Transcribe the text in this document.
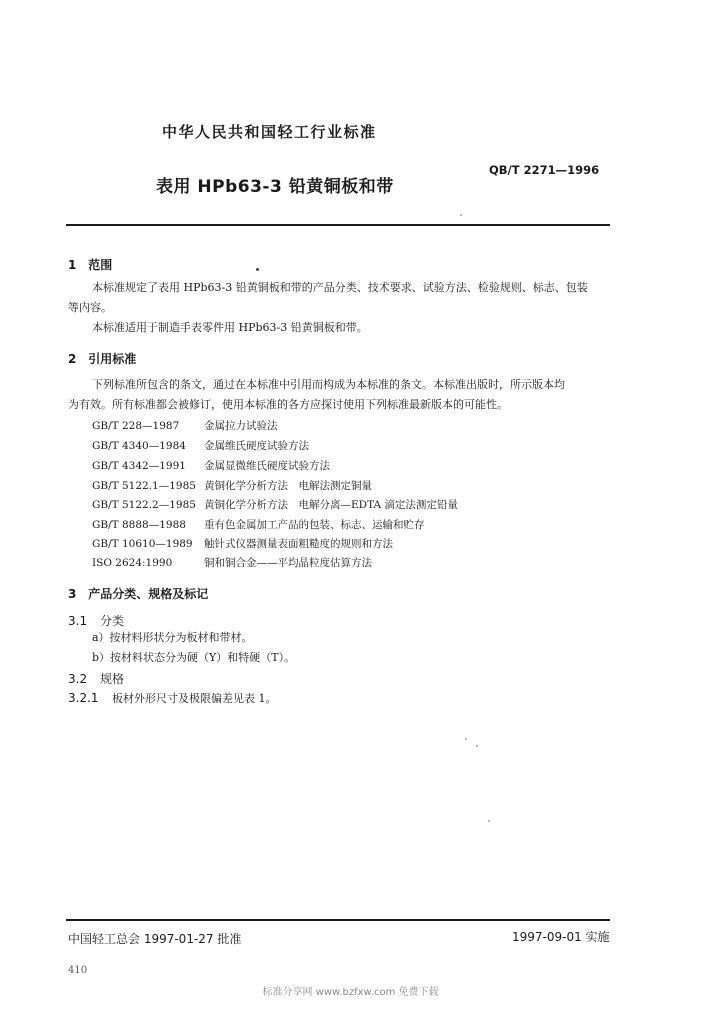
中华人民共和国轻工行业标准
表用 HPb63-3 铅黄铜板和带
QB/T 2271—1996
1 范围
本标准规定了表用 HPb63-3 铅黄铜板和带的产品分类、技术要求、试验方法、检验规则、标志、包装
等内容。
本标准适用于制造手表零件用 HPb63-3 铅黄铜板和带。
2 引用标准
下列标准所包含的条文，通过在本标准中引用而构成为本标准的条文。本标准出版时，所示版本均
为有效。所有标准都会被修订，使用本标准的各方应探讨使用下列标准最新版本的可能性。
GB/T 228—1987 金属拉力试验法
GB/T 4340—1984 金属维氏硬度试验方法
GB/T 4342—1991 金属显微维氏硬度试验方法
GB/T 5122.1—1985 黄铜化学分析方法　电解法测定铜量
GB/T 5122.2—1985 黄铜化学分析方法　电解分离—EDTA 滴定法测定铅量
GB/T 8888—1988 重有色金属加工产品的包装、标志、运输和贮存
GB/T 10610—1989 触针式仪器测量表面粗糙度的规则和方法
ISO 2624:1990	铜和铜合金——平均晶粒度估算方法
3 产品分类、规格及标记
3.1 分类
a）按材料形状分为板材和带材。
b）按材料状态分为硬（Y）和特硬（T）。
3.2 规格
3.2.1 板材外形尺寸及极限偏差见表 1。
中国轻工总会 1997-01-27 批准	1997-09-01 实施
410
标准分享网 www.bzfxw.com 免费下载
